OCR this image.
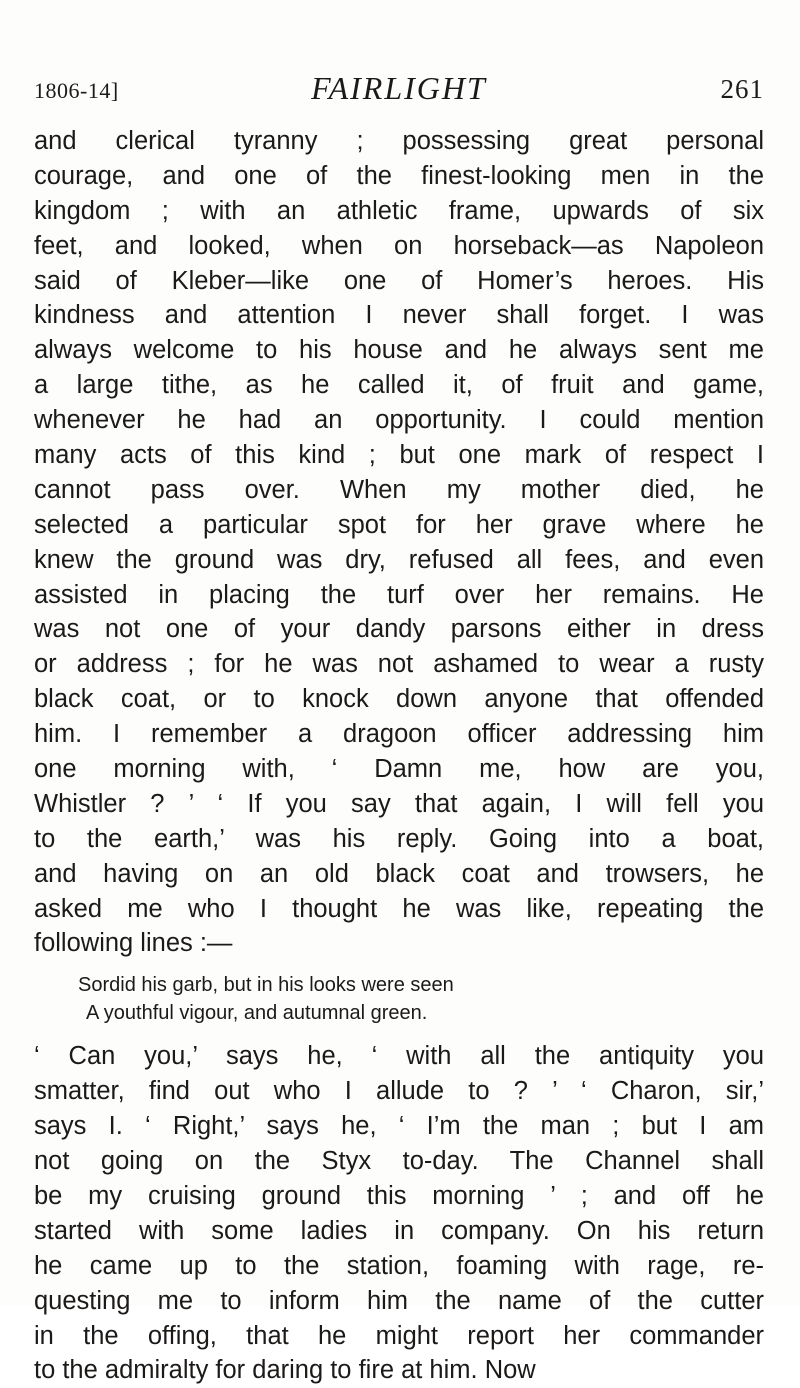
1806-14]	FAIRLIGHT	261
and clerical tyranny ; possessing great personal
courage, and one of the finest-looking men in the
kingdom ; with an athletic frame, upwards of six
feet, and looked, when on horseback—as Napoleon
said of Kleber—like one of Homer’s heroes. His
kindness and attention I never shall forget. I was
always welcome to his house and he always sent me
a large tithe, as he called it, of fruit and game,
whenever he had an opportunity. I could mention
many acts of this kind ; but one mark of respect I
cannot pass over. When my mother died, he
selected a particular spot for her grave where he
knew the ground was dry, refused all fees, and even
assisted in placing the turf over her remains. He
was not one of your dandy parsons either in dress
or address ; for he was not ashamed to wear a rusty
black coat, or to knock down anyone that offended
him. I remember a dragoon officer addressing him
one morning with, ‘ Damn me, how are you,
Whistler ? ’ ‘ If you say that again, I will fell you
to the earth,’ was his reply. Going into a boat,
and having on an old black coat and trowsers, he
asked me who I thought he was like, repeating the
following lines :—
Sordid his garb, but in his looks were seen
A youthful vigour, and autumnal green.
‘ Can you,’ says he, ‘ with all the antiquity you
smatter, find out who I allude to ? ’ ‘ Charon, sir,’
says I. ‘ Right,’ says he, ‘ I’m the man ; but I am
not going on the Styx to-day. The Channel shall
be my cruising ground this morning ’ ; and off he
started with some ladies in company. On his return
he came up to the station, foaming with rage, re-
questing me to inform him the name of the cutter
in the offing, that he might report her commander
to the admiralty for daring to fire at him. Now
